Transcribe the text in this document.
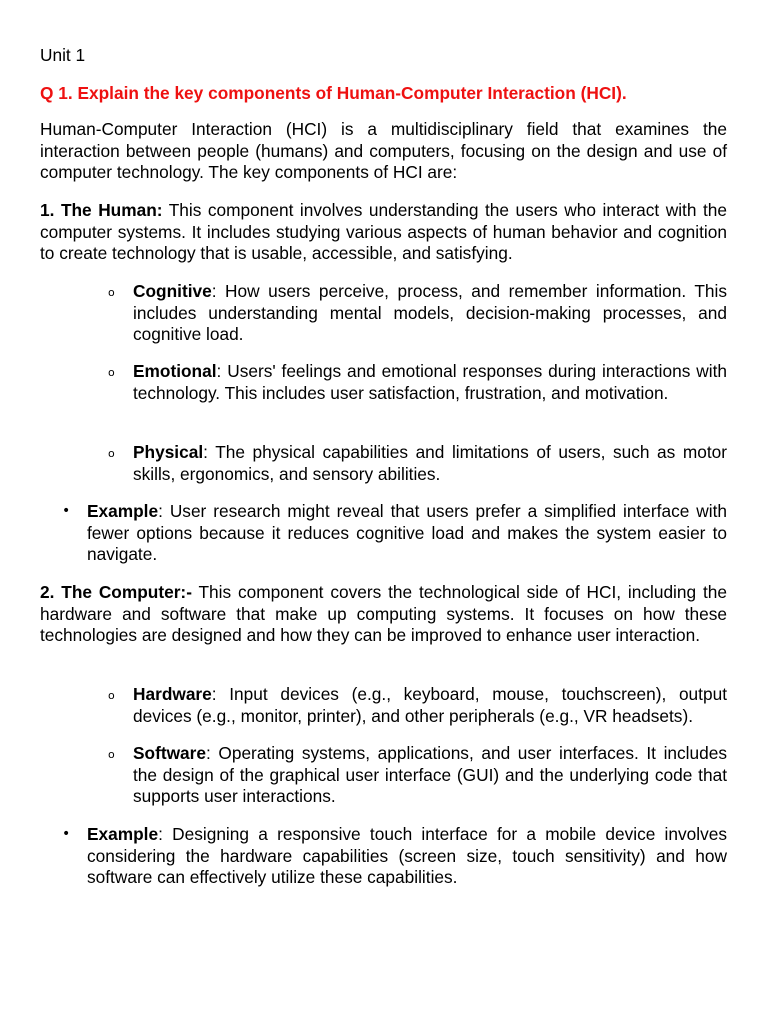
Unit 1
Q 1. Explain the key components of Human-Computer Interaction (HCI).

Human-Computer Interaction (HCI) is a multidisciplinary field that examines the interaction between people (humans) and computers, focusing on the design and use of computer technology. The key components of HCI are:

1. The Human: This component involves understanding the users who interact with the computer systems. It includes studying various aspects of human behavior and cognition to create technology that is usable, accessible, and satisfying.

o Cognitive: How users perceive, process, and remember information. This includes understanding mental models, decision-making processes, and cognitive load.
o Emotional: Users' feelings and emotional responses during interactions with technology. This includes user satisfaction, frustration, and motivation.
o Physical: The physical capabilities and limitations of users, such as motor skills, ergonomics, and sensory abilities.
• Example: User research might reveal that users prefer a simplified interface with fewer options because it reduces cognitive load and makes the system easier to navigate.

2. The Computer:- This component covers the technological side of HCI, including the hardware and software that make up computing systems. It focuses on how these technologies are designed and how they can be improved to enhance user interaction.

o Hardware: Input devices (e.g., keyboard, mouse, touchscreen), output devices (e.g., monitor, printer), and other peripherals (e.g., VR headsets).
o Software: Operating systems, applications, and user interfaces. It includes the design of the graphical user interface (GUI) and the underlying code that supports user interactions.
• Example: Designing a responsive touch interface for a mobile device involves considering the hardware capabilities (screen size, touch sensitivity) and how software can effectively utilize these capabilities.
